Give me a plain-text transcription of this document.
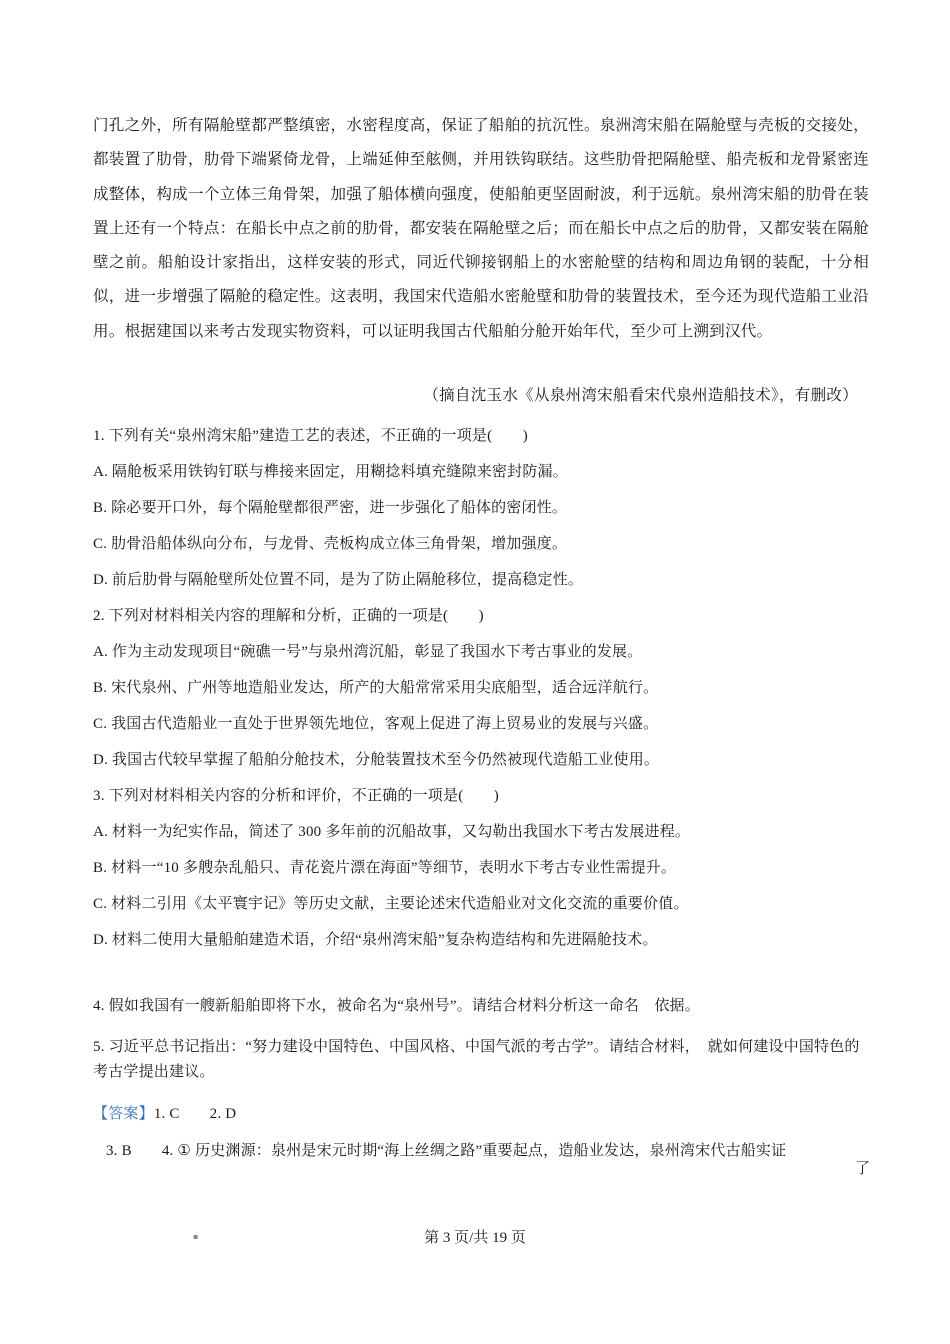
门孔之外，所有隔舱壁都严整缜密，水密程度高，保证了船舶的抗沉性。泉洲湾宋船在隔舱壁与壳板的交接处，都装置了肋骨，肋骨下端紧倚龙骨，上端延伸至舷侧，并用铁钩联结。这些肋骨把隔舱壁、船壳板和龙骨紧密连成整体，构成一个立体三角骨架，加强了船体横向强度，使船舶更坚固耐波，利于远航。泉州湾宋船的肋骨在装置上还有一个特点：在船长中点之前的肋骨，都安装在隔舱壁之后；而在船长中点之后的肋骨，又都安装在隔舱壁之前。船舶设计家指出，这样安装的形式，同近代铆接钢船上的水密舱壁的结构和周边角钢的装配，十分相似，进一步增强了隔舱的稳定性。这表明，我国宋代造船水密舱壁和肋骨的装置技术，至今还为现代造船工业沿用。根据建国以来考古发现实物资料，可以证明我国古代船舶分舱开始年代，至少可上溯到汉代。
（摘自沈玉水《从泉州湾宋船看宋代泉州造船技术》，有删改）
1. 下列有关“泉州湾宋船”建造工艺的表述，不正确的一项是(　　)
A. 隔舱板采用铁钩钉联与榫接来固定，用糊捻料填充缝隙来密封防漏。
B. 除必要开口外，每个隔舱壁都很严密，进一步强化了船体的密闭性。
C. 肋骨沿船体纵向分布，与龙骨、壳板构成立体三角骨架，增加强度。
D. 前后肋骨与隔舱壁所处位置不同，是为了防止隔舱移位，提高稳定性。
2. 下列对材料相关内容的理解和分析，正确的一项是(　　)
A. 作为主动发现项目“碗礁一号”与泉州湾沉船，彰显了我国水下考古事业的发展。
B. 宋代泉州、广州等地造船业发达，所产的大船常常采用尖底船型，适合远洋航行。
C. 我国古代造船业一直处于世界领先地位，客观上促进了海上贸易业的发展与兴盛。
D. 我国古代较早掌握了船舶分舱技术，分舱装置技术至今仍然被现代造船工业使用。
3. 下列对材料相关内容的分析和评价，不正确的一项是(　　)
A. 材料一为纪实作品，简述了 300 多年前的沉船故事，又勾勒出我国水下考古发展进程。
B. 材料一“10 多艘杂乱船只、青花瓷片漂在海面”等细节，表明水下考古专业性需提升。
C. 材料二引用《太平寰宇记》等历史文献，主要论述宋代造船业对文化交流的重要价值。
D. 材料二使用大量船舶建造术语，介绍“泉州湾宋船”复杂构造结构和先进隔舱技术。
4. 假如我国有一艘新船舶即将下水，被命名为“泉州号”。请结合材料分析这一命名　依据。
5. 习近平总书记指出：“努力建设中国特色、中国风格、中国气派的考古学”。请结合材料，　就如何建设中国特色的考古学提出建议。
【答案】1. C 2. D
3. B 4. ① 历史渊源：泉州是宋元时期“海上丝绸之路”重要起点，造船业发达，泉州湾宋代古船实证
了
▪	第 3 页/共 19 页
